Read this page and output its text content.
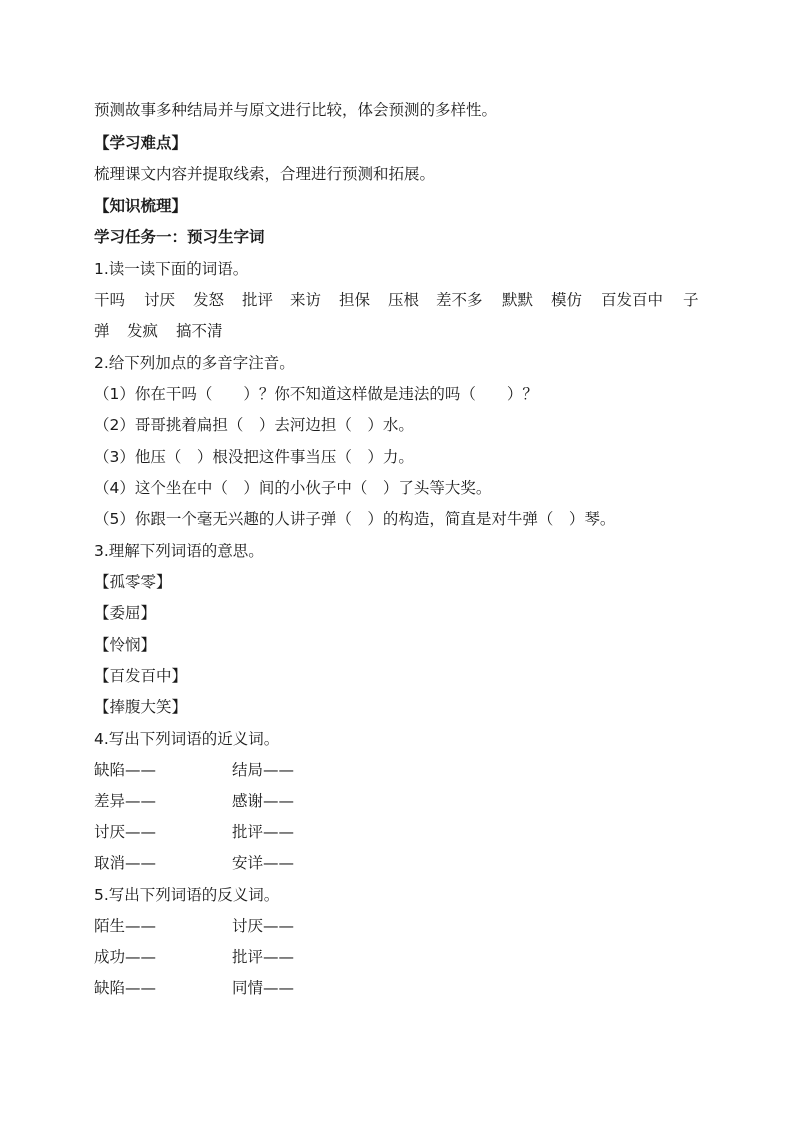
预测故事多种结局并与原文进行比较，体会预测的多样性。
【学习难点】
梳理课文内容并提取线索，合理进行预测和拓展。
【知识梳理】
学习任务一：预习生字词
1.读一读下面的词语。
干吗 讨厌 发怒 批评 来访 担保 压根 差不多 默默 模仿 百发百中 子
弹 发疯 搞不清
2.给下列加点的多音字注音。
（1）你在干吗（　　）？你不知道这样做是违法的吗（　　）？
（2）哥哥挑着扁担（　）去河边担（　）水。
（3）他压（　）根没把这件事当压（　）力。
（4）这个坐在中（　）间的小伙子中（　）了头等大奖。
（5）你跟一个毫无兴趣的人讲子弹（　）的构造，简直是对牛弹（　）琴。
3.理解下列词语的意思。
【孤零零】
【委屈】
【怜悯】
【百发百中】
【捧腹大笑】
4.写出下列词语的近义词。
缺陷——	结局——
差异——	感谢——
讨厌——	批评——
取消——	安详——
5.写出下列词语的反义词。
陌生——	讨厌——
成功——	批评——
缺陷——	同情——
